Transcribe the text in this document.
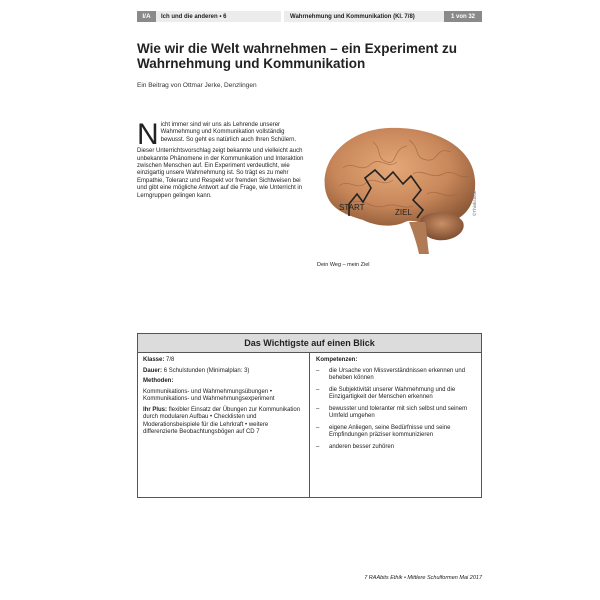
I/A	Ich und die anderen • 6	Wahrnehmung und Kommunikation (Kl. 7/8)	1 von 32
Wie wir die Welt wahrnehmen – ein Experiment zu Wahrnehmung und Kommunikation
Ein Beitrag von Ottmar Jerke, Denzlingen

Nicht immer sind wir uns als Lehrende unserer Wahrnehmung und Kommunikation vollständig bewusst. So geht es natürlich auch Ihren Schülern.

Dieser Unterrichtsvorschlag zeigt bekannte und vielleicht auch unbekannte Phänomene in der Kommunikation und Interaktion zwischen Menschen auf. Ein Experiment verdeutlicht, wie einzigartig unsere Wahrnehmung ist. So trägt es zu mehr Empathie, Toleranz und Respekt vor fremden Sichtweisen bei und gibt eine mögliche Antwort auf die Frage, wie Unterricht in Lerngruppen gelingen kann.

START
ZIEL	©Thinkstock
Dein Weg – mein Ziel
Das Wichtigste auf einen Blick
Klasse: 7/8
Dauer: 6 Schulstunden (Minimalplan: 3)
Methoden:
Kommunikations- und Wahrnehmungsübungen • Kommunikations- und Wahrnehmungsexperiment
Ihr Plus: flexibler Einsatz der Übungen zur Kommunikation durch modularen Aufbau • Checklisten und Moderationsbeispiele für die Lehrkraft • weitere differenzierte Beobachtungsbögen auf CD 7
Kompetenzen:
–	die Ursache von Missverständnissen erkennen und beheben können
–	die Subjektivität unserer Wahrnehmung und die Einzigartigkeit der Menschen erkennen
–	bewusster und toleranter mit sich selbst und seinem Umfeld umgehen
–	eigene Anliegen, seine Bedürfnisse und seine Empfindungen präziser kommunizieren
–	anderen besser zuhören
7 RAAbits Ethik • Mittlere Schulformen Mai 2017
